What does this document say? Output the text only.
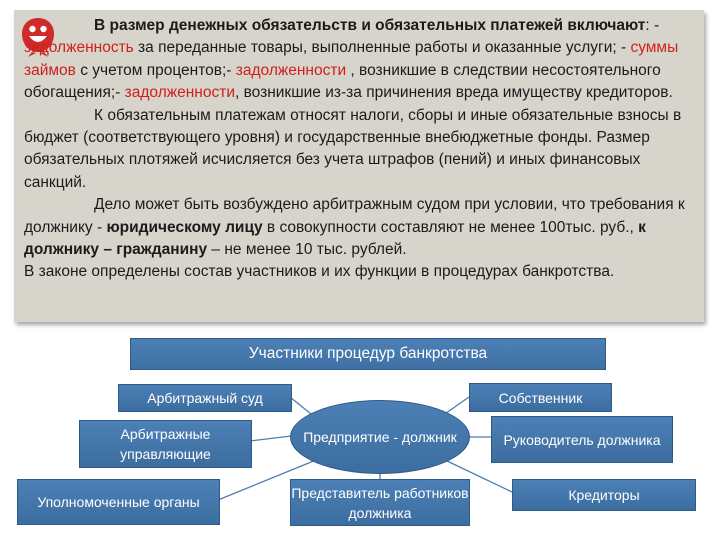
В размер денежных обязательств и обязательных платежей включают: - задолженность за переданные товары, выполненные работы и оказанные услуги; - суммы займов с учетом процентов;- задолженности , возникшие в следствии несостоятельного обогащения;- задолженности, возникшие из-за причинения вреда имуществу кредиторов.

К обязательным платежам относят налоги, сборы и иные обязательные взносы в бюджет (соответствующего уровня) и государственные внебюджетные фонды. Размер обязательных плотяжей исчисляется без учета штрафов (пений) и иных финансовых санкций.

Дело может быть возбуждено арбитражным судом при условии, что требования к должнику - юридическому лицу в совокупности составляют не менее 100тыс. руб., к должнику – гражданину – не менее 10 тыс. рублей.

В законе определены состав участников и их функции в процедурах банкротства.

Участники процедур банкротства
Арбитражный суд
Арбитражные управляющие
Уполномоченные органы
Предприятие - должник
Представитель работников должника
Собственник
Руководитель должника
Кредиторы
